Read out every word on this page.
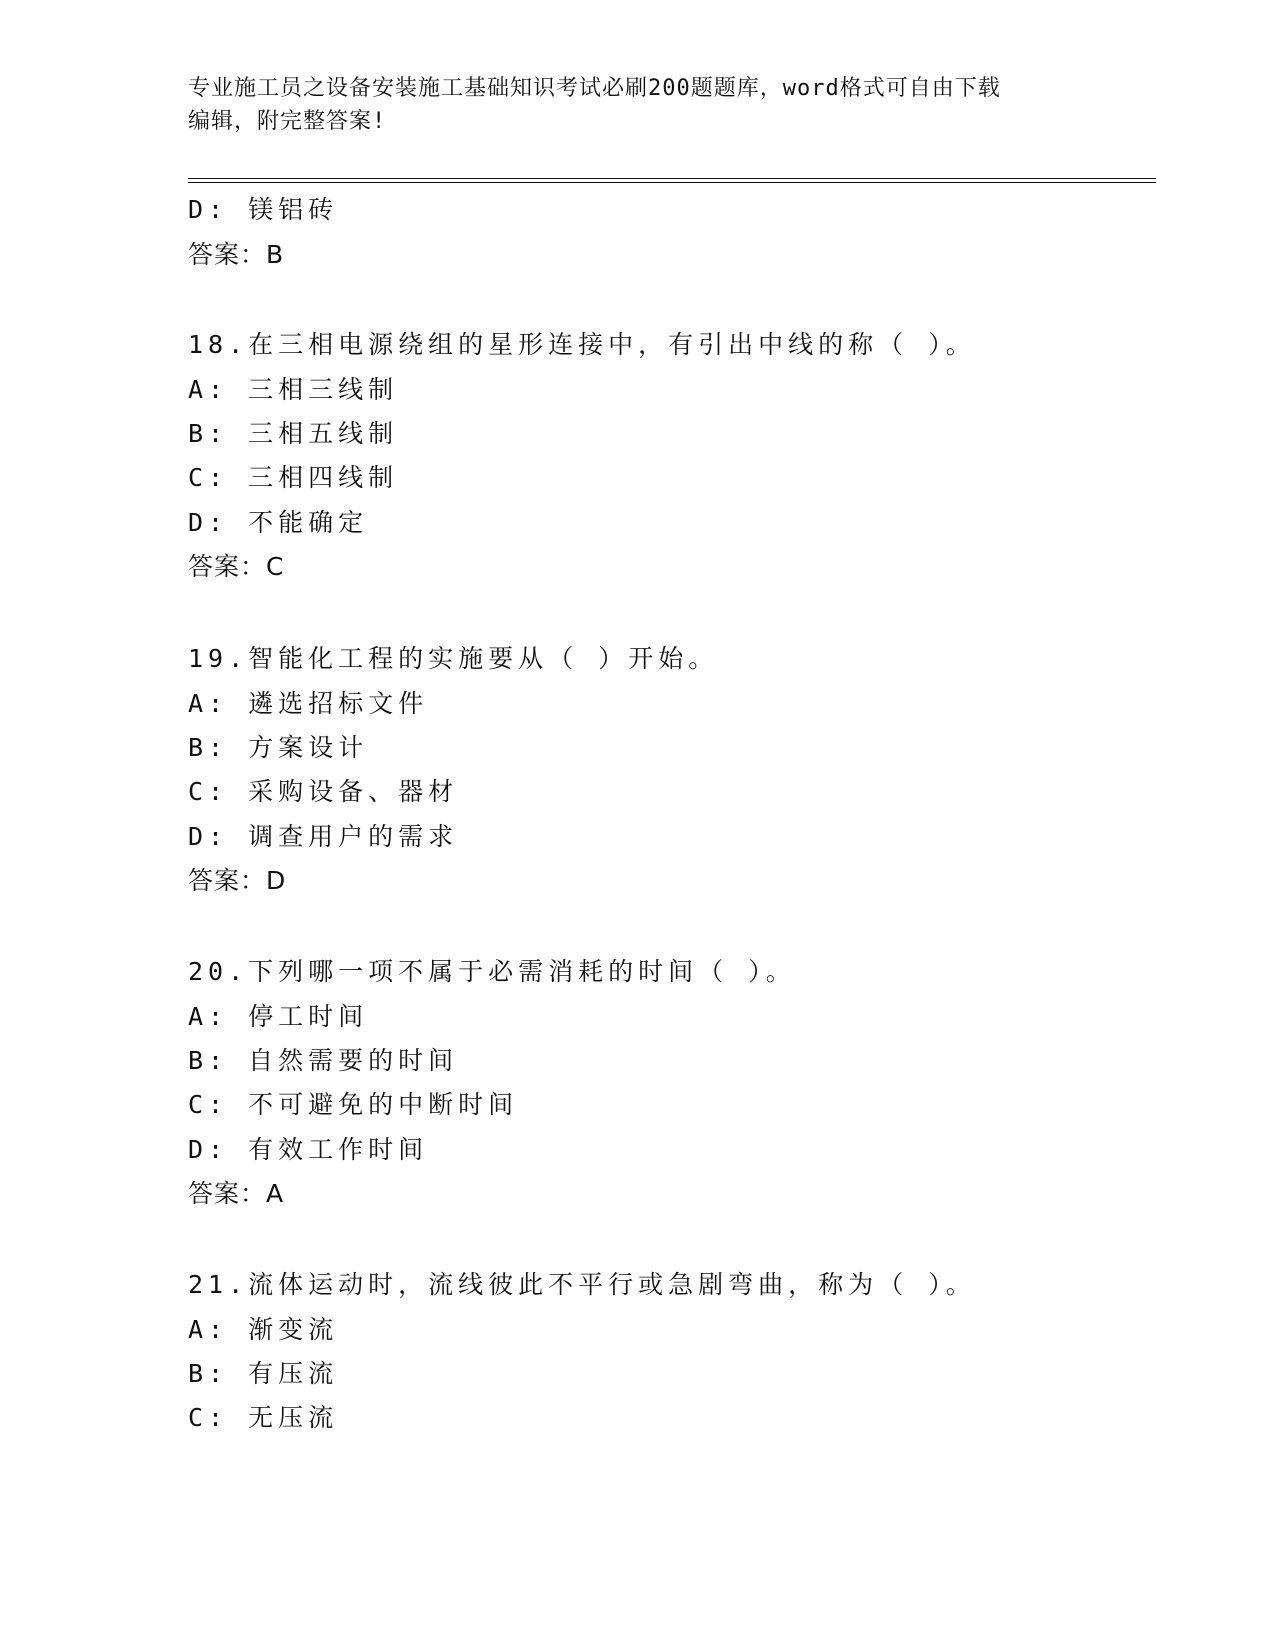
专业施工员之设备安装施工基础知识考试必刷200题题库，word格式可自由下载
编辑，附完整答案!
D: 镁铝砖
答案：B
18.在三相电源绕组的星形连接中，有引出中线的称（ ）。
A: 三相三线制
B: 三相五线制
C: 三相四线制
D: 不能确定
答案：C
19.智能化工程的实施要从（ ）开始。
A: 遴选招标文件
B: 方案设计
C: 采购设备、器材
D: 调查用户的需求
答案：D
20.下列哪一项不属于必需消耗的时间（ ）。
A: 停工时间
B: 自然需要的时间
C: 不可避免的中断时间
D: 有效工作时间
答案：A
21.流体运动时，流线彼此不平行或急剧弯曲，称为（ ）。
A: 渐变流
B: 有压流
C: 无压流
